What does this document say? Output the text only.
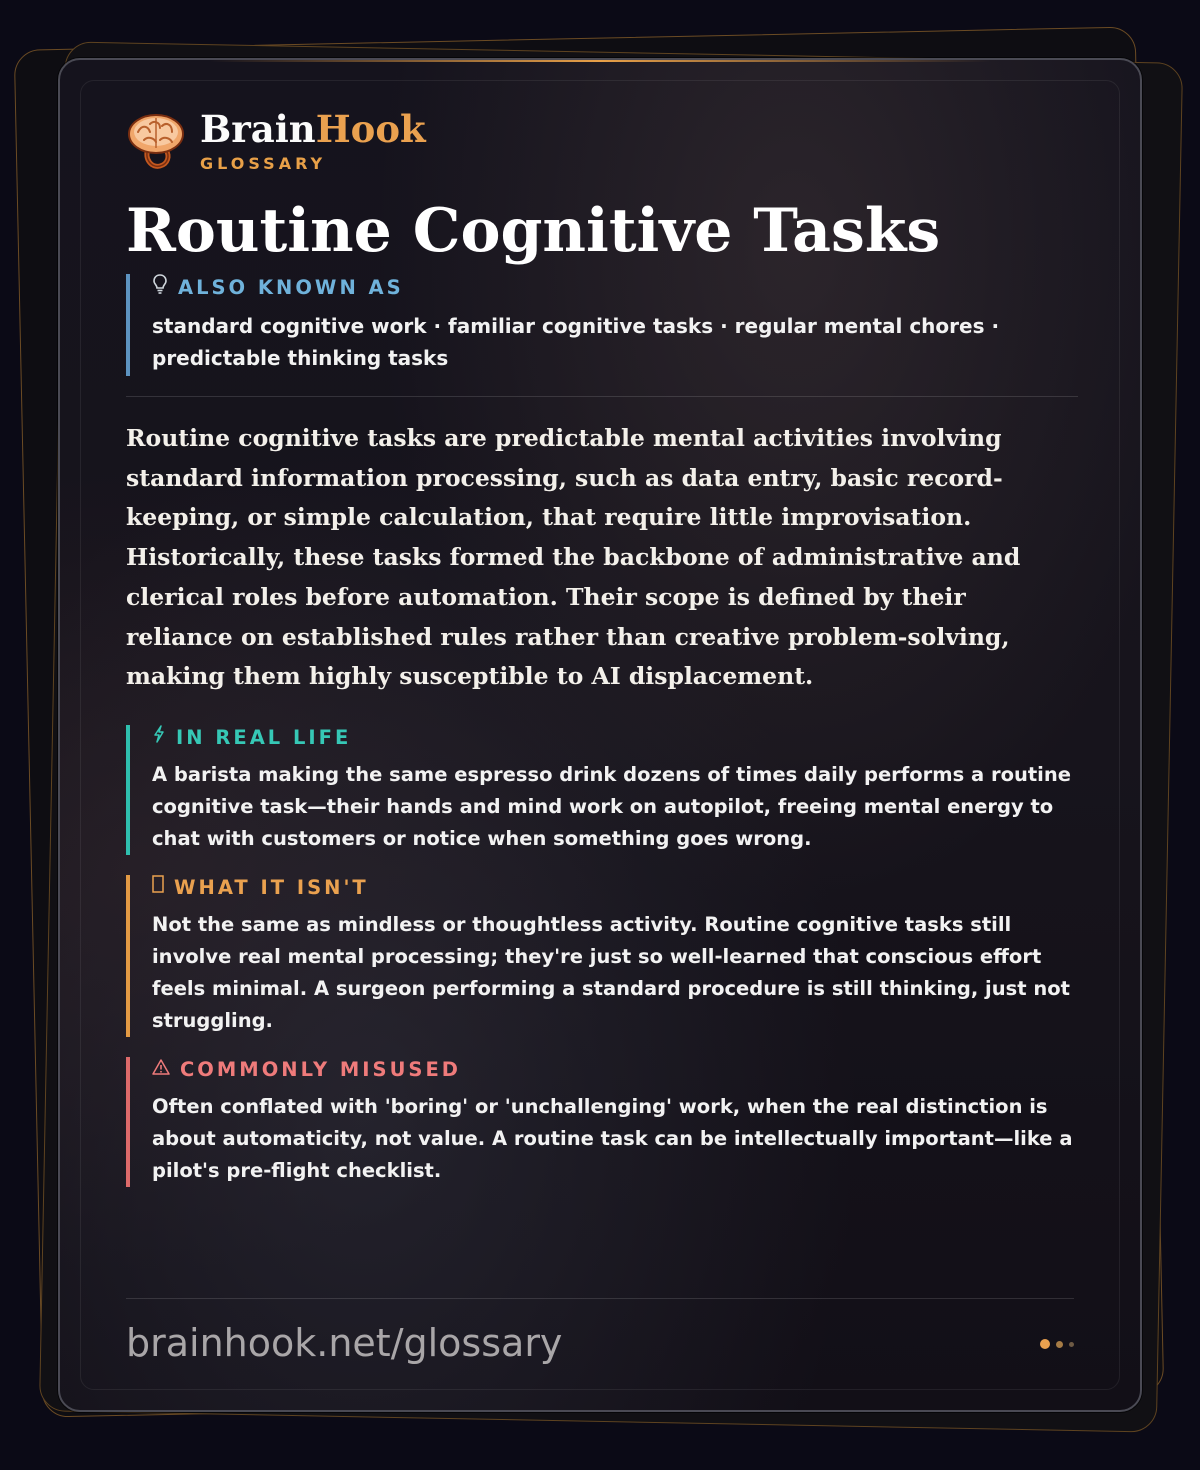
BrainHook
GLOSSARY
Routine Cognitive Tasks
ALSO KNOWN AS
standard cognitive work · familiar cognitive tasks · regular mental chores · predictable thinking tasks

Routine cognitive tasks are predictable mental activities involving standard information processing, such as data entry, basic record-keeping, or simple calculation, that require little improvisation. Historically, these tasks formed the backbone of administrative and clerical roles before automation. Their scope is defined by their reliance on established rules rather than creative problem-solving, making them highly susceptible to AI displacement.

IN REAL LIFE
A barista making the same espresso drink dozens of times daily performs a routine cognitive task—their hands and mind work on autopilot, freeing mental energy to chat with customers or notice when something goes wrong.
WHAT IT ISN'T
Not the same as mindless or thoughtless activity. Routine cognitive tasks still involve real mental processing; they're just so well-learned that conscious effort feels minimal. A surgeon performing a standard procedure is still thinking, just not struggling.
COMMONLY MISUSED
Often conflated with 'boring' or 'unchallenging' work, when the real distinction is about automaticity, not value. A routine task can be intellectually important—like a pilot's pre-flight checklist.
brainhook.net/glossary
